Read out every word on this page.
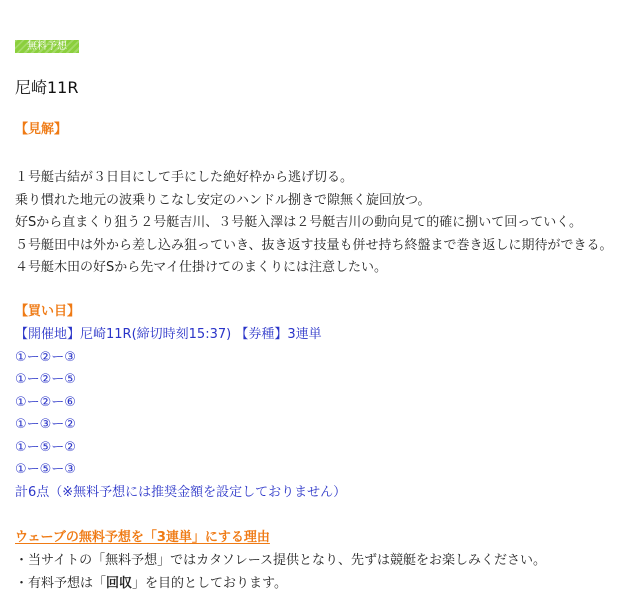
無料予想
尼崎11R
【見解】
１号艇古結が３日目にして手にした絶好枠から逃げ切る。
乗り慣れた地元の波乗りこなし安定のハンドル捌きで隙無く旋回放つ。
好Sから直まくり狙う２号艇吉川、３号艇入澤は２号艇吉川の動向見て的確に捌いて回っていく。
５号艇田中は外から差し込み狙っていき、抜き返す技量も併せ持ち終盤まで巻き返しに期待ができる。
４号艇木田の好Sから先マイ仕掛けてのまくりには注意したい。
【買い目】
【開催地】尼崎11R(締切時刻15:37) 【券種】3連単
①ー②ー③
①ー②ー⑤
①ー②ー⑥
①ー③ー②
①ー⑤ー②
①ー⑤ー③
計6点（※無料予想には推奨金額を設定しておりません）
ウェーブの無料予想を「3連単」にする理由
・当サイトの「無料予想」ではカタソレース提供となり、先ずは競艇をお楽しみください。
・有料予想は「回収」を目的としております。
